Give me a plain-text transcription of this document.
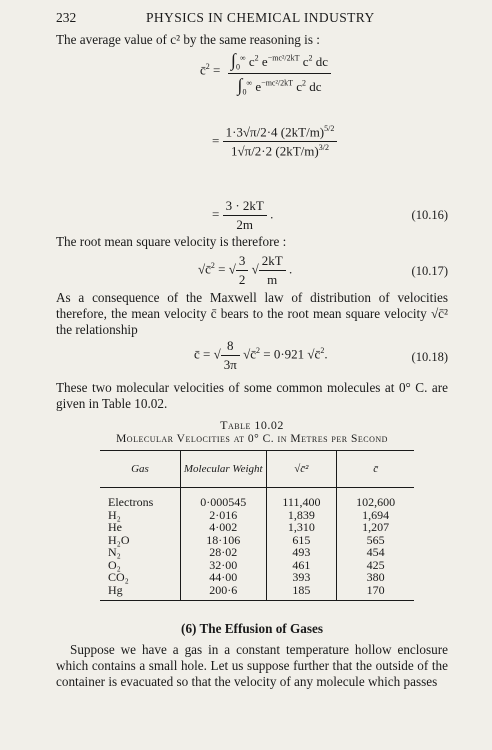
232	PHYSICS IN CHEMICAL INDUSTRY
The average value of c² by the same reasoning is :
c̄$^2$ = $\frac{\int_0^\infty c^2 e^{-mc^2/2kT} c^2 dc}{\int_0^\infty e^{-mc^2/2kT} c^2 dc}$
= $\frac{1\cdot 3√\pi/2\cdot 4 (2kT/m)^{5/2}}{1√\pi/2\cdot 2 (2kT/m)^{3/2}}$
= $\frac{3 \cdot 2kT}{2m}$ .	(10.16)
The root mean square velocity is therefore :
√c̄$^2$ = √ $\frac{3}{2}$ √ $\frac{2kT}{m}$ .	(10.17)
As a consequence of the Maxwell law of distribution of velocities therefore, the mean velocity c̄ bears to the root mean square velocity √c̄² the relationship
c̄ = √ $\frac{8}{3\pi}$ √c̄$^2$ = 0·921 √c̄$^2$.	(10.18)
These two molecular velocities of some common molecules at 0° C. are given in Table 10.02.
Table 10.02
Molecular Velocities at 0° C. in Metres per Second
Gas	Molecular Weight	√c̄²	c̄
Electrons	0·000545	111,400	102,600
H₂	2·016	1,839	1,694
He	4·002	1,310	1,207
H₂O	18·106	615	565
N₂	28·02	493	454
O₂	32·00	461	425
CO₂	44·00	393	380
Hg	200·6	185	170
(6) The Effusion of Gases
Suppose we have a gas in a constant temperature hollow enclosure which contains a small hole. Let us suppose further that the outside of the container is evacuated so that the velocity of any molecule which passes
